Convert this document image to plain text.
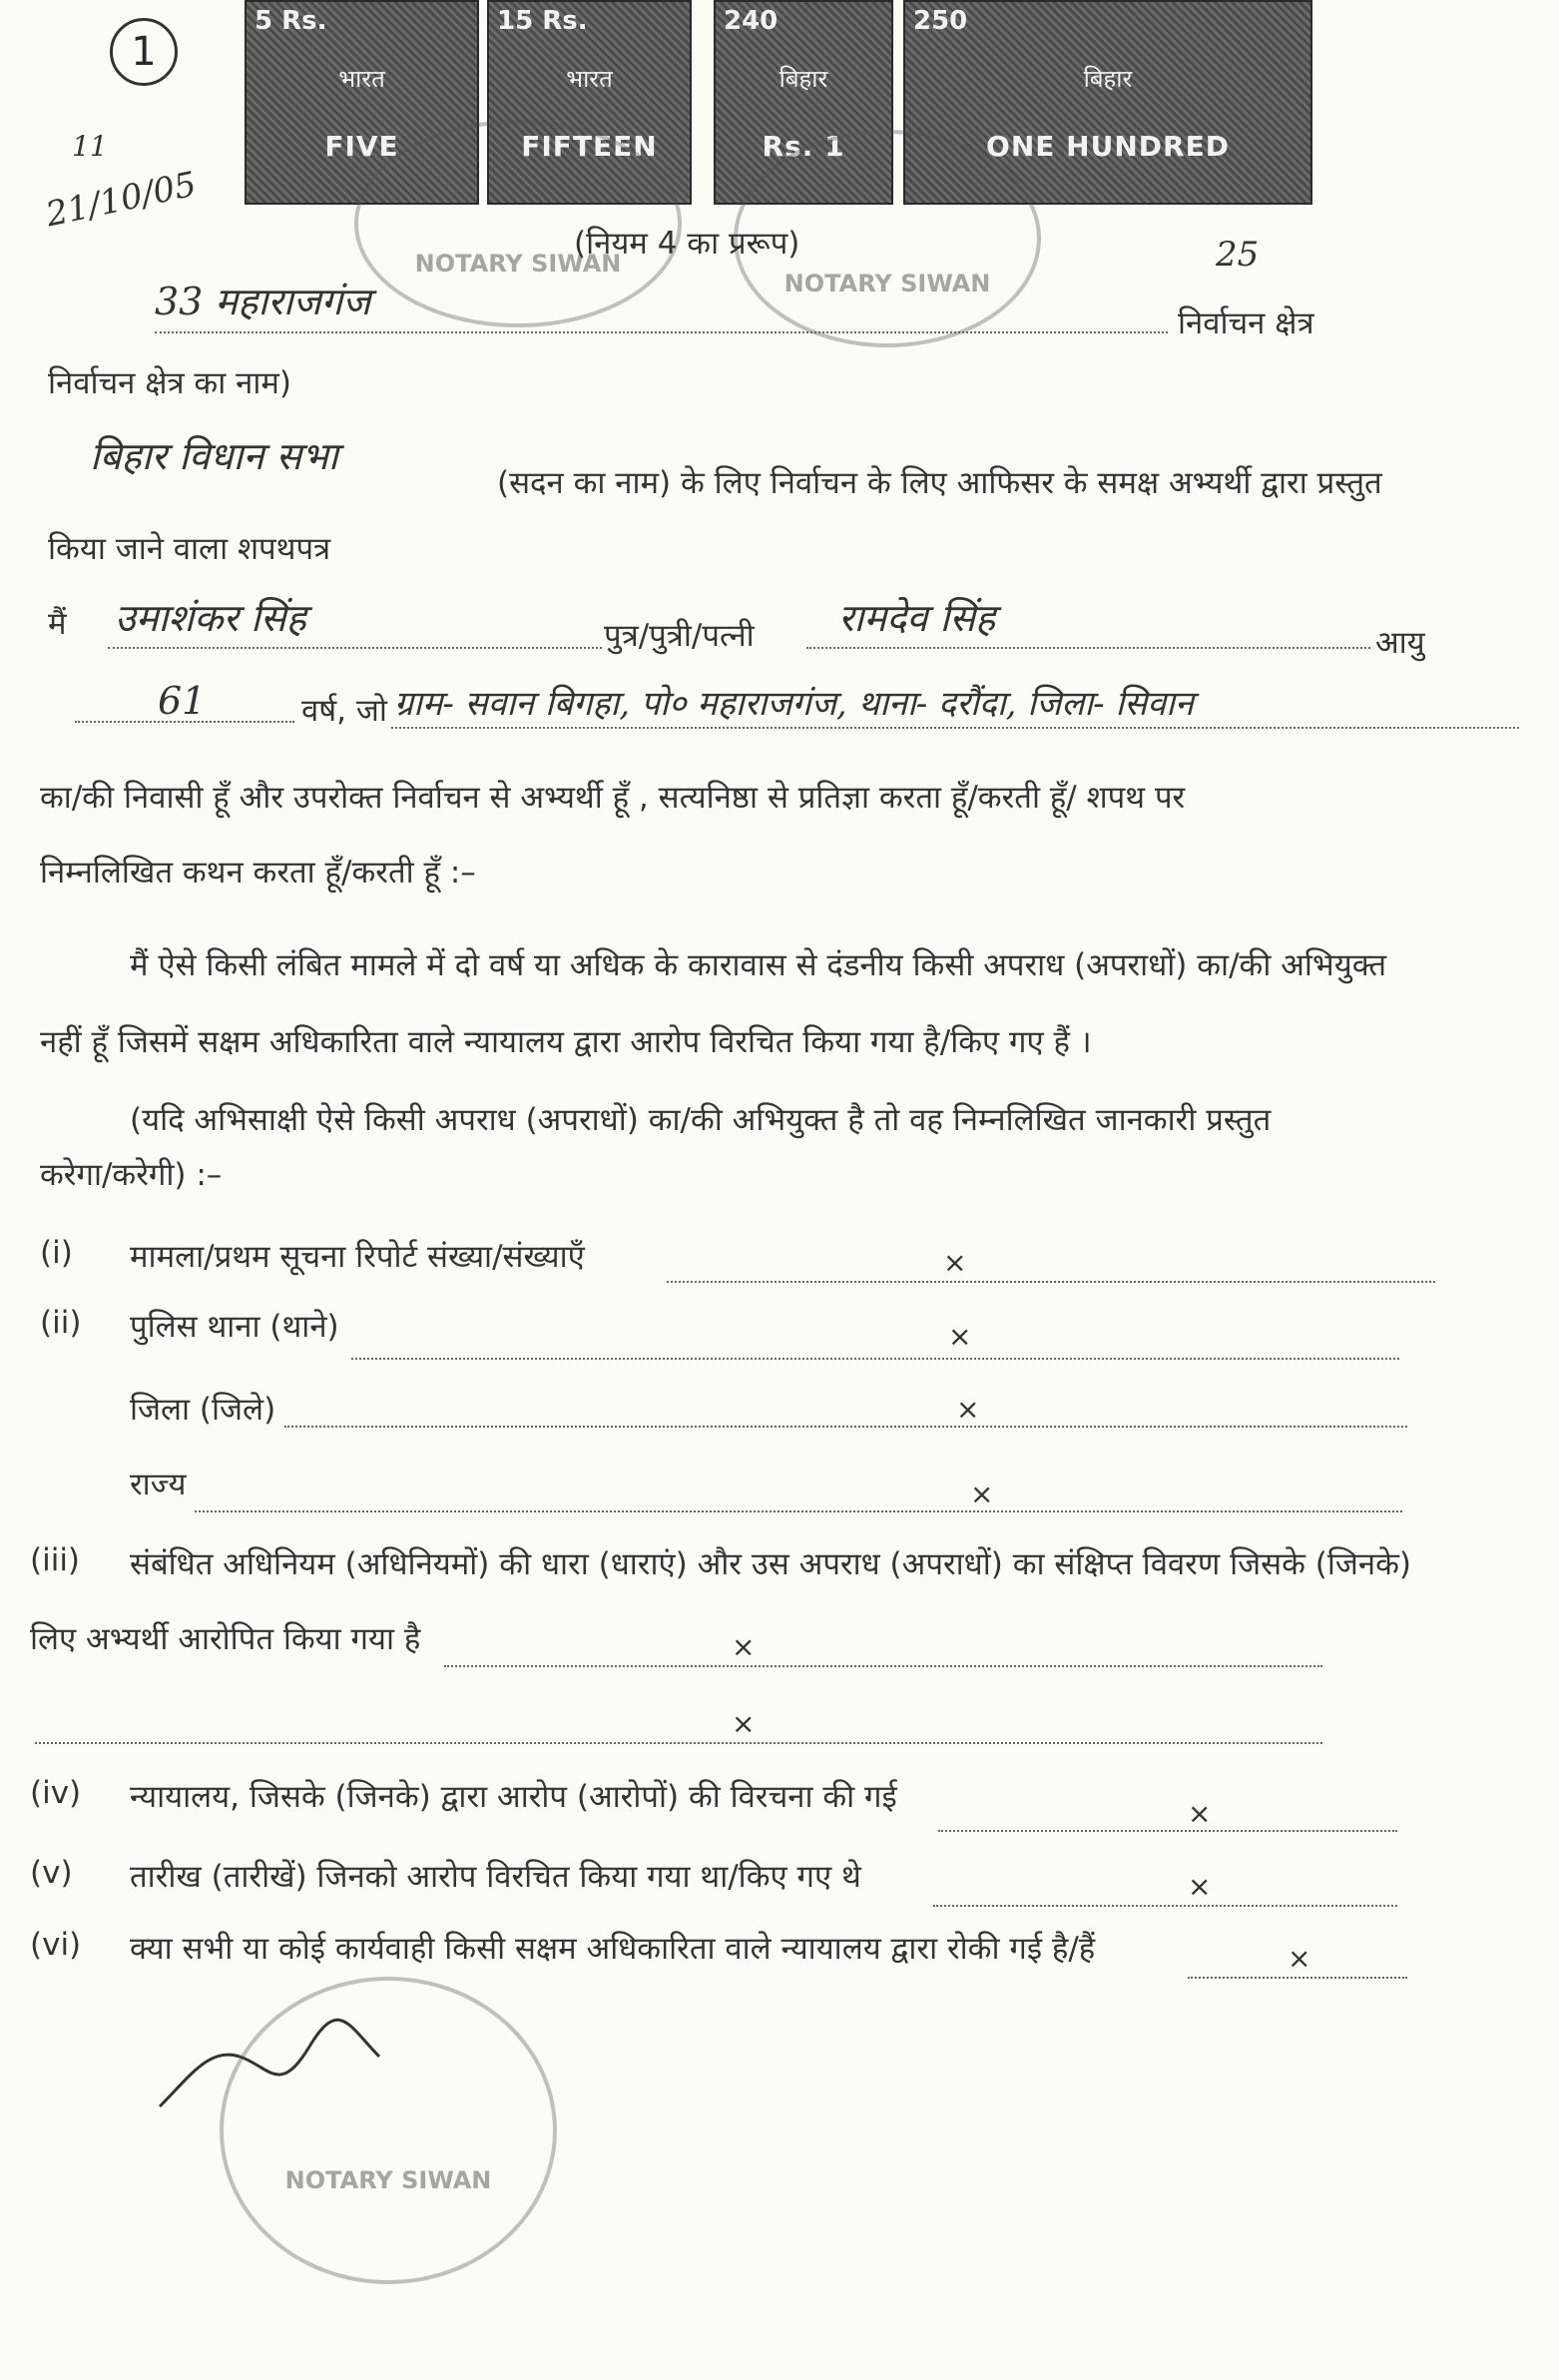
1
11
21/10/05
5 Rs.
भारत
FIVE
15 Rs.
भारत
FIFTEEN
240
बिहार
Rs. 1
250
बिहार
ONE HUNDRED
NOTARY SIWAN
NOTARY SIWAN
(नियम 4 का प्ररूप)	25
33 महाराजगंज	निर्वाचन क्षेत्र
निर्वाचन क्षेत्र का नाम)
बिहार विधान सभा
(सदन का नाम) के लिए निर्वाचन के लिए आफिसर के समक्ष अभ्यर्थी द्वारा प्रस्तुत
किया जाने वाला शपथपत्र
मैं उमाशंकर सिंह	पुत्र/पुत्री/पत्नी रामदेव सिंह
आयु
61	वर्ष, जो ग्राम- सवान बिगहा, पो० महाराजगंज, थाना- दरौंदा, जिला- सिवान
का/की निवासी हूँ और उपरोक्त निर्वाचन से अभ्यर्थी हूँ , सत्यनिष्ठा से प्रतिज्ञा करता हूँ/करती हूँ/ शपथ पर
निम्नलिखित कथन करता हूँ/करती हूँ :–
मैं ऐसे किसी लंबित मामले में दो वर्ष या अधिक के कारावास से दंडनीय किसी अपराध (अपराधों) का/की अभियुक्त
नहीं हूँ जिसमें सक्षम अधिकारिता वाले न्यायालय द्वारा आरोप विरचित किया गया है/किए गए हैं ।
(यदि अभिसाक्षी ऐसे किसी अपराध (अपराधों) का/की अभियुक्त है तो वह निम्नलिखित जानकारी प्रस्तुत
करेगा/करेगी) :–
(i) मामला/प्रथम सूचना रिपोर्ट संख्या/संख्याएँ	×
(ii) पुलिस थाना (थाने)	×
जिला (जिले)	×
राज्य	×
(iii) संबंधित अधिनियम (अधिनियमों) की धारा (धाराएं) और उस अपराध (अपराधों) का संक्षिप्त विवरण जिसके (जिनके)
लिए अभ्यर्थी आरोपित किया गया है	×
×
(iv) न्यायालय, जिसके (जिनके) द्वारा आरोप (आरोपों) की विरचना की गई	×
(v) तारीख (तारीखें) जिनको आरोप विरचित किया गया था/किए गए थे	×
(vi) क्या सभी या कोई कार्यवाही किसी सक्षम अधिकारिता वाले न्यायालय द्वारा रोकी गई है/हैं	×
NOTARY SIWAN
